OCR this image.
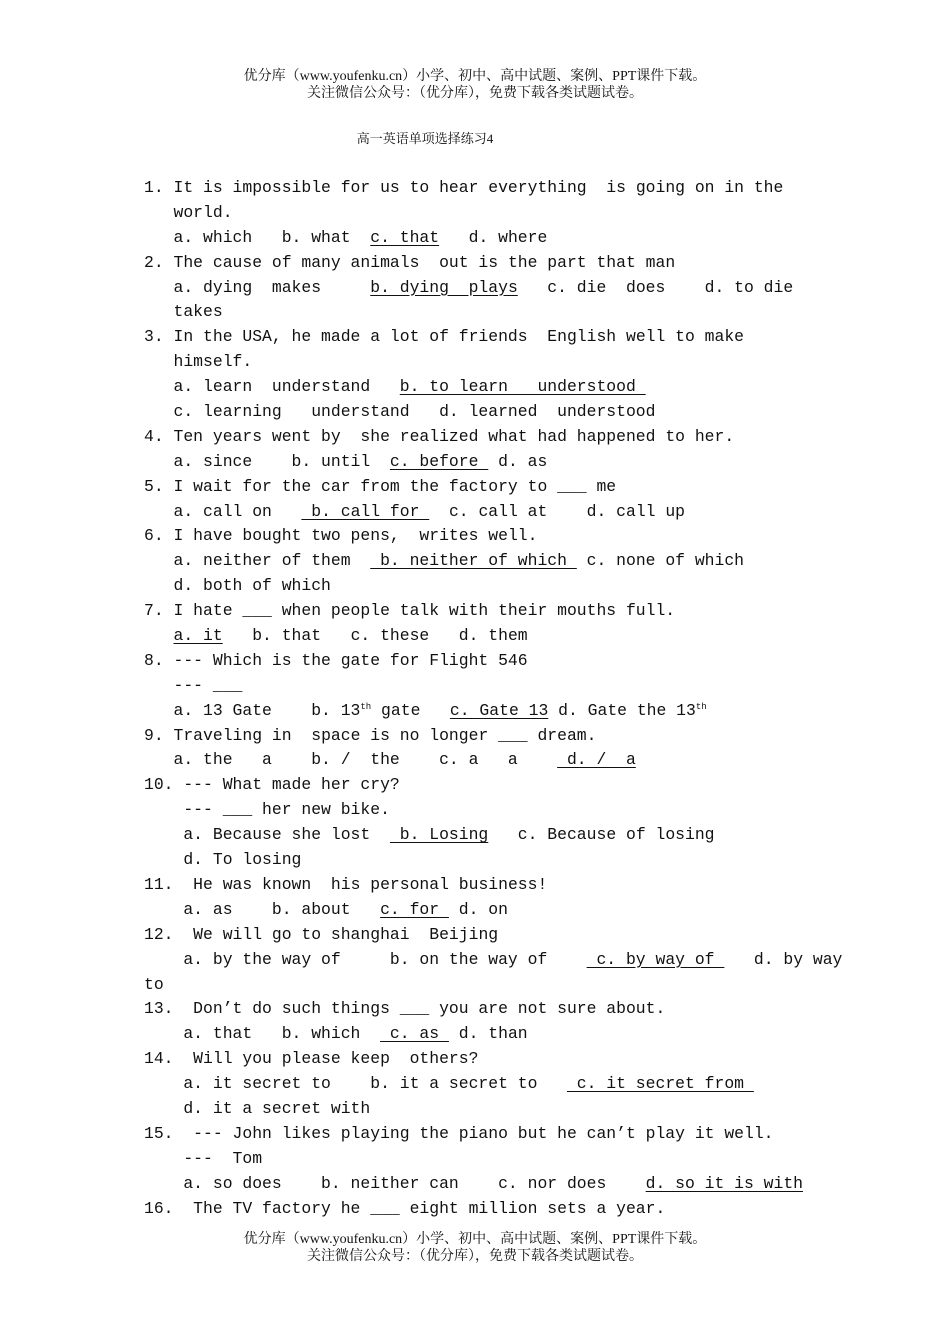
优分库（www.youfenku.cn）小学、初中、高中试题、案例、PPT课件下载。
关注微信公众号：（优分库），免费下载各类试题试卷。
高一英语单项选择练习4
1. It is impossible for us to hear everything  is going on in the
world.
a. which   b. what  c. that   d. where
2. The cause of many animals  out is the part that man
a. dying  makes     b. dying  plays   c. die  does    d. to die
takes
3. In the USA, he made a lot of friends  English well to make
himself.
a. learn  understand   b. to learn   understood
c. learning   understand   d. learned  understood
4. Ten years went by  she realized what had happened to her.
a. since    b. until  c. before  d. as
5. I wait for the car from the factory to ___ me
a. call on    b. call for   c. call at    d. call up
6. I have bought two pens,  writes well.
a. neither of them   b. neither of which  c. none of which
d. both of which
7. I hate ___ when people talk with their mouths full.
a. it   b. that   c. these   d. them
8. --- Which is the gate for Flight 546
--- ___
a. 13 Gate    b. 13th gate   c. Gate 13 d. Gate the 13th
9. Traveling in  space is no longer ___ dream.
a. the   a    b. /  the    c. a   a     d. /  a
10. --- What made her cry?
--- ___ her new bike.
a. Because she lost   b. Losing   c. Because of losing
d. To losing
11.  He was known  his personal business!
a. as    b. about   c. for  d. on
12.  We will go to shanghai  Beijing
a. by the way of     b. on the way of     c. by way of    d. by way
to
13.  Don’t do such things ___ you are not sure about.
a. that   b. which   c. as  d. than
14.  Will you please keep  others?
a. it secret to    b. it a secret to    c. it secret from
d. it a secret with
15.  --- John likes playing the piano but he can’t play it well.
---  Tom
a. so does    b. neither can    c. nor does    d. so it is with
16.  The TV factory he ___ eight million sets a year.
优分库（www.youfenku.cn）小学、初中、高中试题、案例、PPT课件下载。
关注微信公众号：（优分库），免费下载各类试题试卷。
